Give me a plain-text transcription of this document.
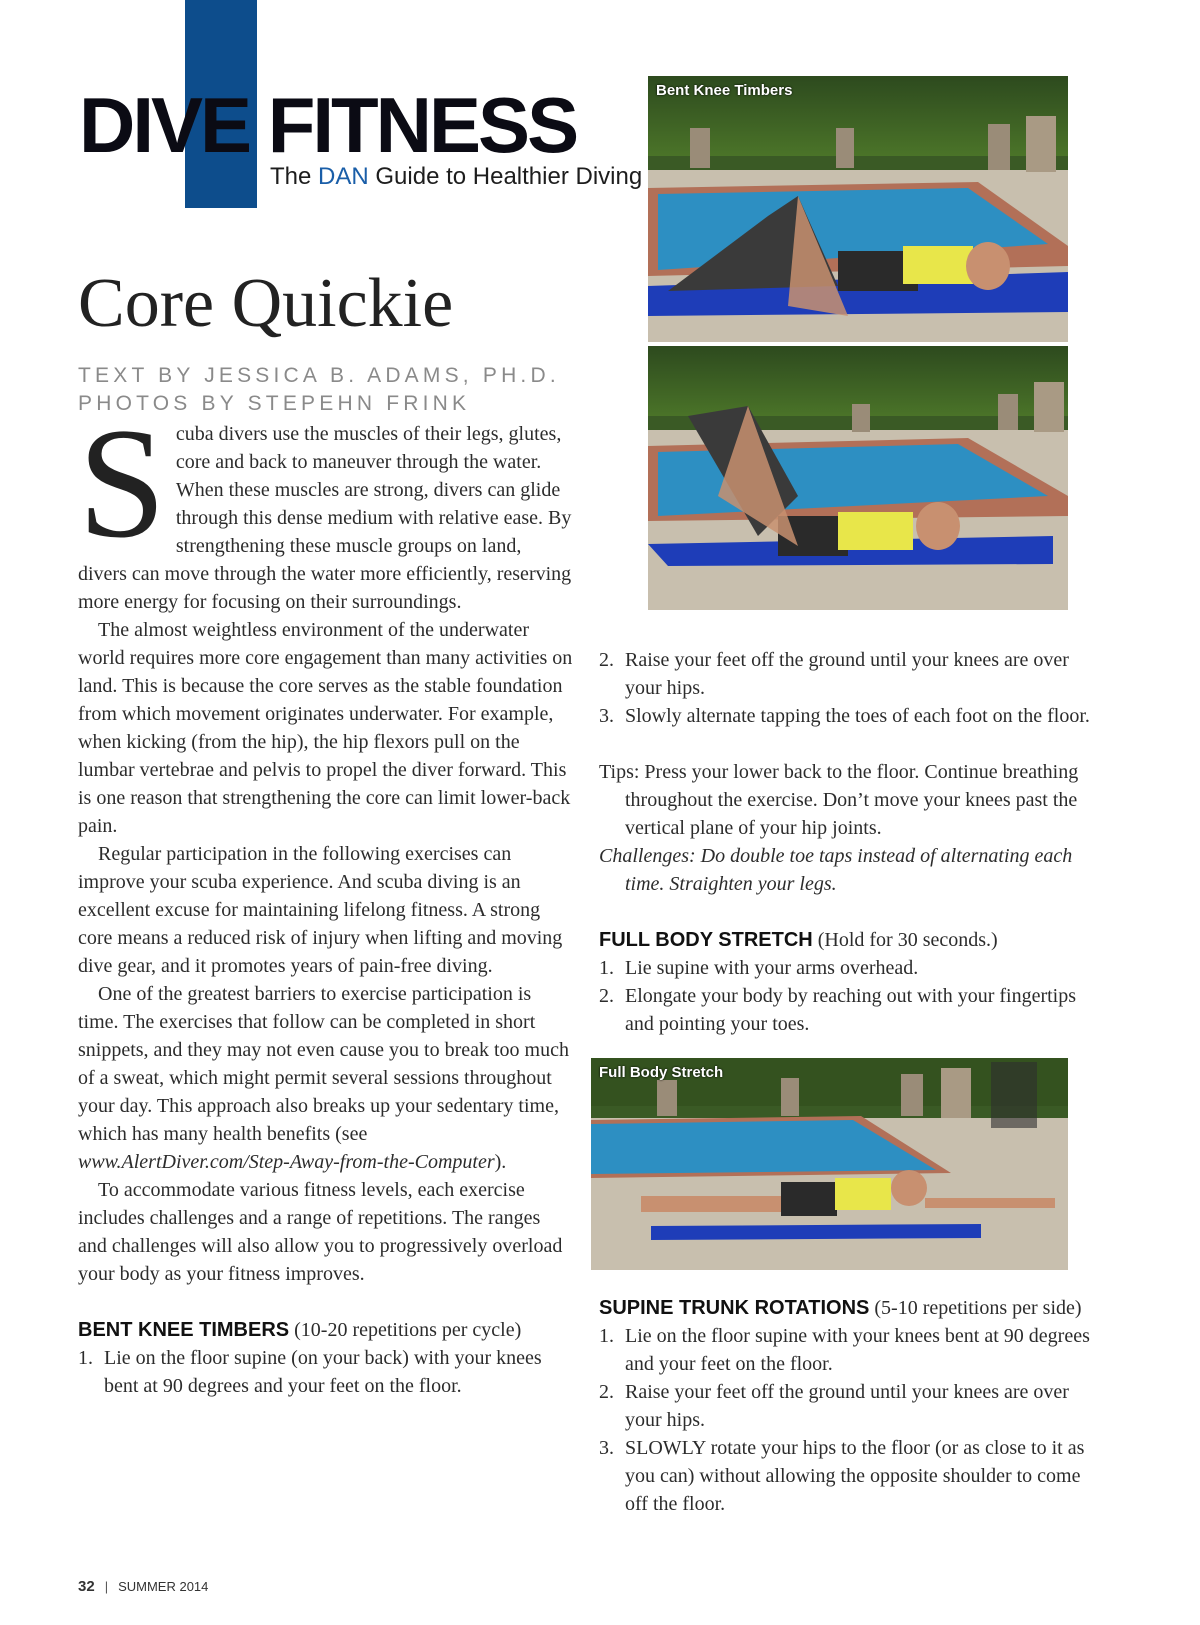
DIVE FITNESS
The DAN Guide to Healthier Diving
Core Quickie
TEXT BY JESSICA B. ADAMS, PH.D.
PHOTOS BY STEPEHN FRINK

Scuba divers use the muscles of their legs, glutes, core and back to maneuver through the water. When these muscles are strong, divers can glide through this dense medium with relative ease. By strengthening these muscle groups on land, divers can move through the water more efficiently, reserving more energy for focusing on their surroundings.

The almost weightless environment of the underwater world requires more core engagement than many activities on land. This is because the core serves as the stable foundation from which movement originates underwater. For example, when kicking (from the hip), the hip flexors pull on the lumbar vertebrae and pelvis to propel the diver forward. This is one reason that strengthening the core can limit lower-back pain.

Regular participation in the following exercises can improve your scuba experience. And scuba diving is an excellent excuse for maintaining lifelong fitness. A strong core means a reduced risk of injury when lifting and moving dive gear, and it promotes years of pain-free diving.

One of the greatest barriers to exercise participation is time. The exercises that follow can be completed in short snippets, and they may not even cause you to break too much of a sweat, which might permit several sessions throughout your day. This approach also breaks up your sedentary time, which has many health benefits (see www.AlertDiver.com/Step-Away-from-the-Computer).

To accommodate various fitness levels, each exercise includes challenges and a range of repetitions. The ranges and challenges will also allow you to progressively overload your body as your fitness improves.

BENT KNEE TIMBERS (10-20 repetitions per cycle)

1. Lie on the floor supine (on your back) with your knees bent at 90 degrees and your feet on the floor.
Bent Knee Timbers
2. Raise your feet off the ground until your knees are over your hips.
3. Slowly alternate tapping the toes of each foot on the floor.

Tips: Press your lower back to the floor. Continue breathing throughout the exercise. Don’t move your knees past the vertical plane of your hip joints.

Challenges: Do double toe taps instead of alternating each time. Straighten your legs.

FULL BODY STRETCH (Hold for 30 seconds.)

1. Lie supine with your arms overhead.
2. Elongate your body by reaching out with your fingertips and pointing your toes.
Full Body Stretch

SUPINE TRUNK ROTATIONS (5-10 repetitions per side)

1. Lie on the floor supine with your knees bent at 90 degrees and your feet on the floor.
2. Raise your feet off the ground until your knees are over your hips.
3. SLOWLY rotate your hips to the floor (or as close to it as you can) without allowing the opposite shoulder to come off the floor.
32 | SUMMER 2014
